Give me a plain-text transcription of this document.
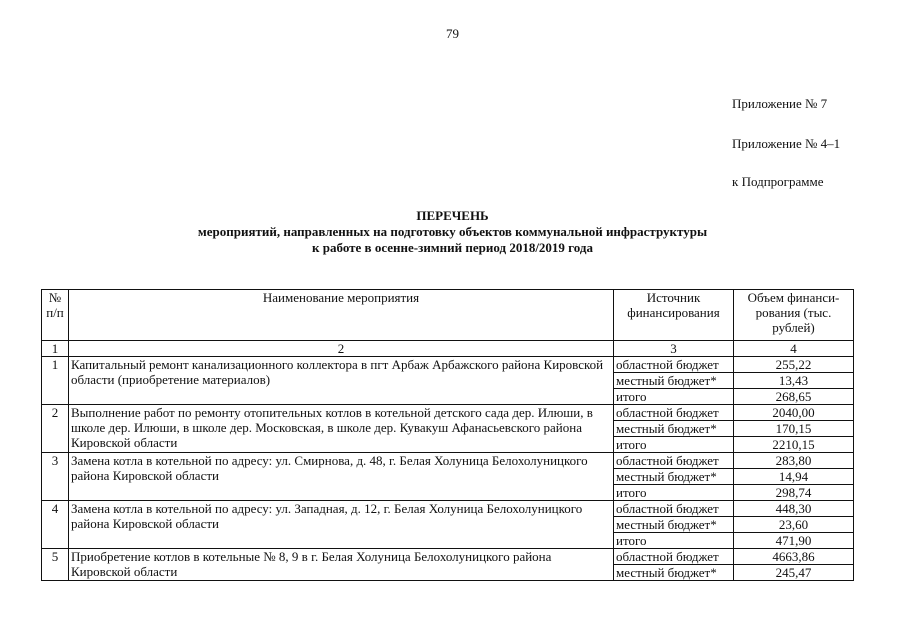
79
Приложение № 7
Приложение № 4–1
к Подпрограмме
ПЕРЕЧЕНЬ
мероприятий, направленных на подготовку объектов коммунальной инфраструктуры
к работе в осенне-зимний период 2018/2019 года
№ п/п	Наименование мероприятия	Источник финансирования	Объем финанси-рования (тыс. рублей)
1	2	3	4
1	Капитальный ремонт канализационного коллектора в пгт Арбаж Арбажского района Кировской области (приобретение материалов)	областной бюджет	255,22
		местный бюджет*	13,43
		итого	268,65
2	Выполнение работ по ремонту отопительных котлов в котельной детского сада дер. Илюши, в школе дер. Илюши, в школе дер. Московская, в школе дер. Кувакуш Афанасьевского района Кировской области	областной бюджет	2040,00
		местный бюджет*	170,15
		итого	2210,15
3	Замена котла в котельной по адресу: ул. Смирнова, д. 48, г. Белая Холуница Белохолуницкого района Кировской области	областной бюджет	283,80
		местный бюджет*	14,94
		итого	298,74
4	Замена котла в котельной по адресу: ул. Западная, д. 12, г. Белая Холуница Белохолуницкого района Кировской области	областной бюджет	448,30
		местный бюджет*	23,60
		итого	471,90
5	Приобретение котлов в котельные № 8, 9 в г. Белая Холуница Белохолуницкого района Кировской области	областной бюджет	4663,86
		местный бюджет*	245,47
